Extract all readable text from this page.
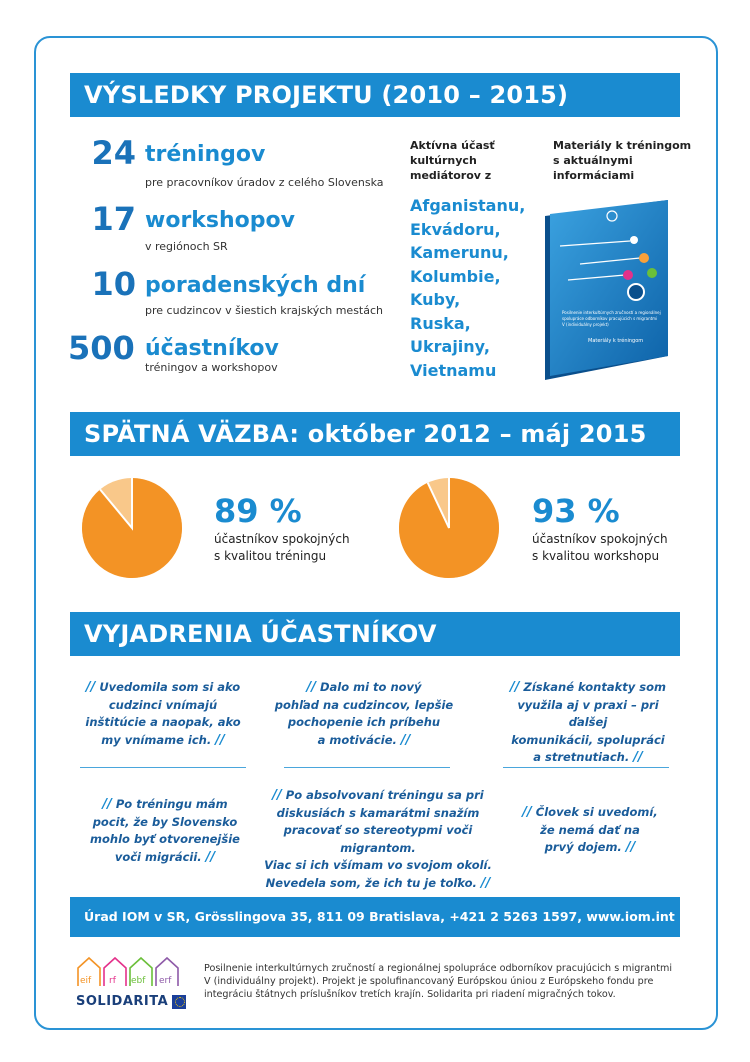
VÝSLEDKY PROJEKTU (2010 – 2015)
24 tréningov
pre pracovníkov úradov z celého Slovenska
17 workshopov
v regiónoch SR
10 poradenských dní
pre cudzincov v šiestich krajských mestách
500 účastníkov
tréningov a workshopov
Aktívna účasť
kultúrnych
mediátorov z
Afganistanu,
Ekvádoru,
Kamerunu,
Kolumbie,
Kuby,
Ruska,
Ukrajiny,
Vietnamu
Materiály k tréningom
s aktuálnymi
informáciami
Posilnenie interkultúrnych zručností a regionálnej
spolupráce odborníkov pracujúcich s migrantmi
V (individuálny projekt)
Materiály k tréningom
SPÄTNÁ VÄZBA: október 2012 – máj 2015
89 %
účastníkov spokojných
s kvalitou tréningu
93 %
účastníkov spokojných
s kvalitou workshopu
VYJADRENIA ÚČASTNÍKOV
// Uvedomila som si ako
cudzinci vnímajú
inštitúcie a naopak, ako
my vnímame ich. //
// Dalo mi to nový
pohľad na cudzincov, lepšie
pochopenie ich príbehu
a motivácie. //
// Získané kontakty som
využila aj v praxi – pri ďalšej
komunikácii, spolupráci
a stretnutiach. //
// Po tréningu mám
pocit, že by Slovensko
mohlo byť otvorenejšie
voči migrácii. //
// Po absolvovaní tréningu sa pri
diskusiách s kamarátmi snažím
pracovať so stereotypmi voči migrantom.
Viac si ich všímam vo svojom okolí.
Nevedela som, že ich tu je toľko. //
// Človek si uvedomí,
že nemá dať na
prvý dojem. //
Úrad IOM v SR, Grösslingova 35, 811 09 Bratislava, +421 2 5263 1597, www.iom.int
eif rf ebf erf
SOLIDARITA
Posilnenie interkultúrnych zručností a regionálnej spolupráce odborníkov pracujúcich s migrantmi V (individuálny projekt). Projekt je spolufinancovaný Európskou úniou z Európskeho fondu pre integráciu štátnych príslušníkov tretích krajín. Solidarita pri riadení migračných tokov.
